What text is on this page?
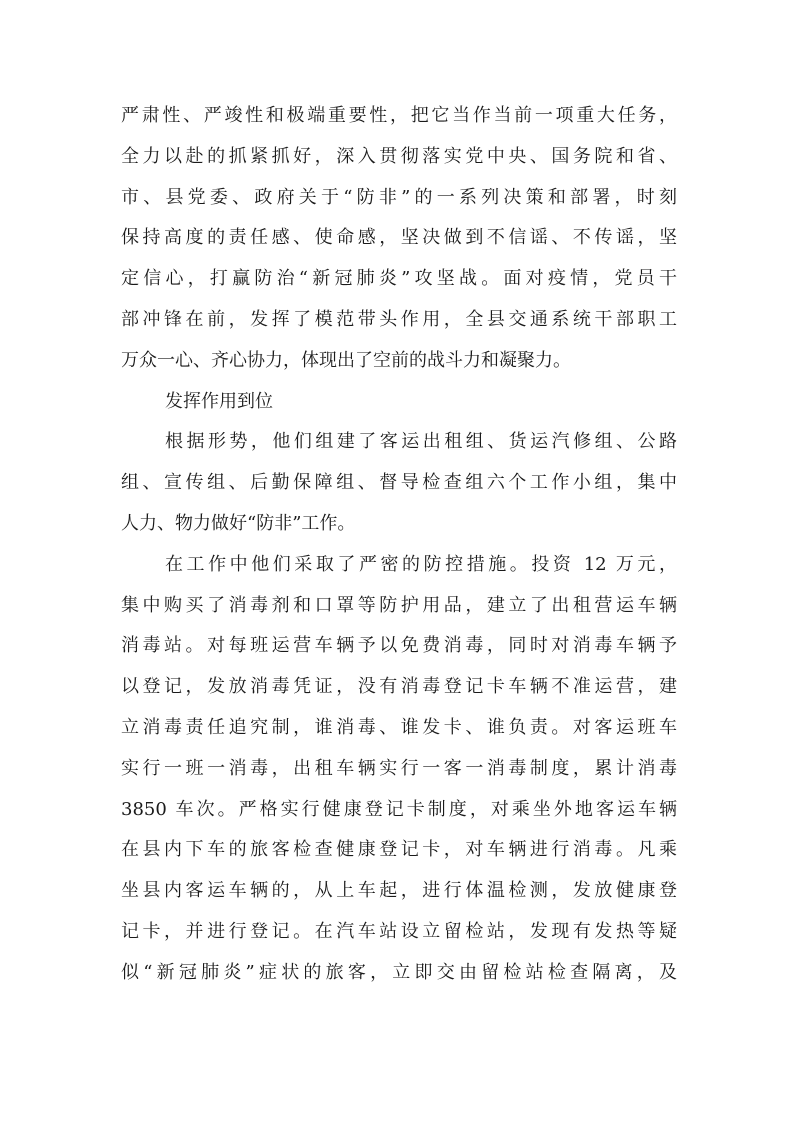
严肃性、严竣性和极端重要性，把它当作当前一项重大任务，
全力以赴的抓紧抓好，深入贯彻落实党中央、国务院和省、
市、县党委、政府关于“防非”的一系列决策和部署，时刻
保持高度的责任感、使命感，坚决做到不信谣、不传谣，坚
定信心，打赢防治“新冠肺炎”攻坚战。面对疫情，党员干
部冲锋在前，发挥了模范带头作用，全县交通系统干部职工
万众一心、齐心协力，体现出了空前的战斗力和凝聚力。
发挥作用到位
根据形势，他们组建了客运出租组、货运汽修组、公路
组、宣传组、后勤保障组、督导检查组六个工作小组，集中
人力、物力做好“防非”工作。
在工作中他们采取了严密的防控措施。投资 12 万元，
集中购买了消毒剂和口罩等防护用品，建立了出租营运车辆
消毒站。对每班运营车辆予以免费消毒，同时对消毒车辆予
以登记，发放消毒凭证，没有消毒登记卡车辆不准运营，建
立消毒责任追究制，谁消毒、谁发卡、谁负责。对客运班车
实行一班一消毒，出租车辆实行一客一消毒制度，累计消毒
3850 车次。严格实行健康登记卡制度，对乘坐外地客运车辆
在县内下车的旅客检查健康登记卡，对车辆进行消毒。凡乘
坐县内客运车辆的，从上车起，进行体温检测，发放健康登
记卡，并进行登记。在汽车站设立留检站，发现有发热等疑
似“新冠肺炎”症状的旅客，立即交由留检站检查隔离，及
